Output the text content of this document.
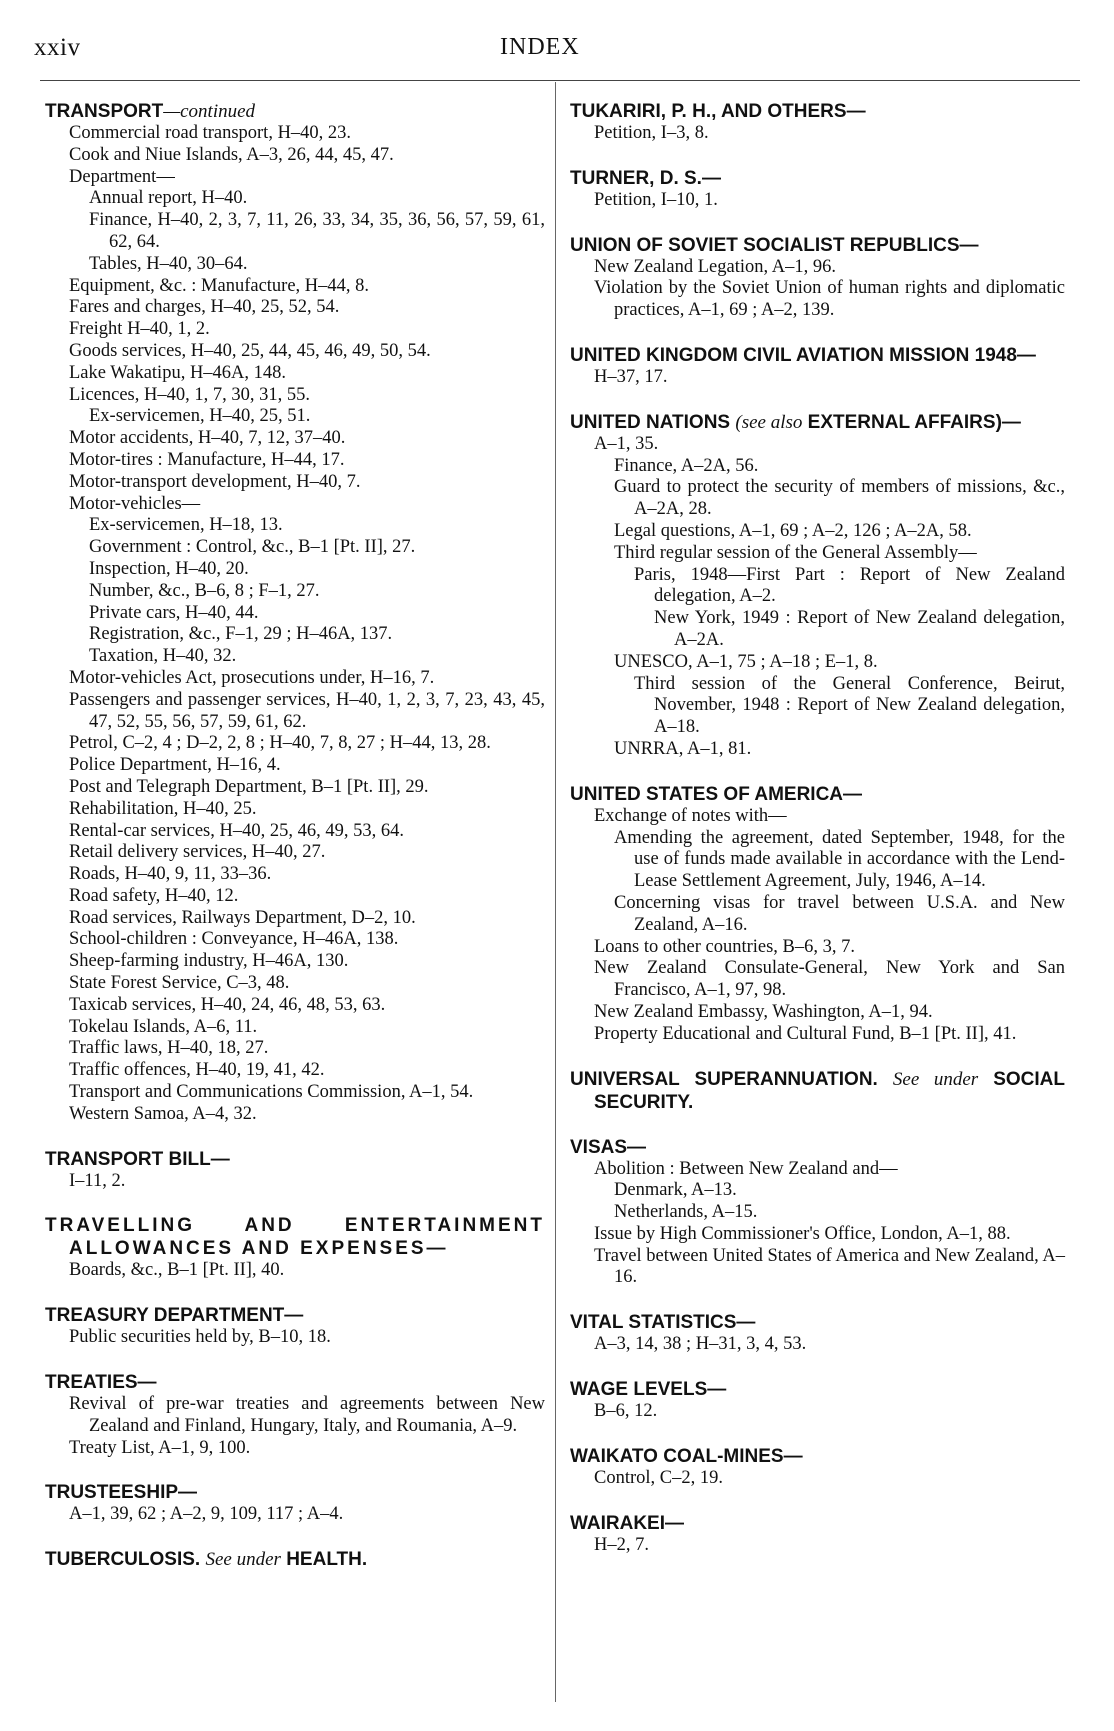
xxiv	INDEX
TRANSPORT—continued
Commercial road transport, H–40, 23.
Cook and Niue Islands, A–3, 26, 44, 45, 47.
Department—
Annual report, H–40.
Finance, H–40, 2, 3, 7, 11, 26, 33, 34, 35, 36, 56, 57, 59, 61, 62, 64.
Tables, H–40, 30–64.
Equipment, &c. : Manufacture, H–44, 8.
Fares and charges, H–40, 25, 52, 54.
Freight H–40, 1, 2.
Goods services, H–40, 25, 44, 45, 46, 49, 50, 54.
Lake Wakatipu, H–46A, 148.
Licences, H–40, 1, 7, 30, 31, 55.
Ex-servicemen, H–40, 25, 51.
Motor accidents, H–40, 7, 12, 37–40.
Motor-tires : Manufacture, H–44, 17.
Motor-transport development, H–40, 7.
Motor-vehicles—
Ex-servicemen, H–18, 13.
Government : Control, &c., B–1 [Pt. II], 27.
Inspection, H–40, 20.
Number, &c., B–6, 8 ; F–1, 27.
Private cars, H–40, 44.
Registration, &c., F–1, 29 ; H–46A, 137.
Taxation, H–40, 32.
Motor-vehicles Act, prosecutions under, H–16, 7.
Passengers and passenger services, H–40, 1, 2, 3, 7, 23, 43, 45, 47, 52, 55, 56, 57, 59, 61, 62.
Petrol, C–2, 4 ; D–2, 2, 8 ; H–40, 7, 8, 27 ; H–44, 13, 28.
Police Department, H–16, 4.
Post and Telegraph Department, B–1 [Pt. II], 29.
Rehabilitation, H–40, 25.
Rental-car services, H–40, 25, 46, 49, 53, 64.
Retail delivery services, H–40, 27.
Roads, H–40, 9, 11, 33–36.
Road safety, H–40, 12.
Road services, Railways Department, D–2, 10.
School-children : Conveyance, H–46A, 138.
Sheep-farming industry, H–46A, 130.
State Forest Service, C–3, 48.
Taxicab services, H–40, 24, 46, 48, 53, 63.
Tokelau Islands, A–6, 11.
Traffic laws, H–40, 18, 27.
Traffic offences, H–40, 19, 41, 42.
Transport and Communications Commission, A–1, 54.
Western Samoa, A–4, 32.
TRANSPORT BILL—
I–11, 2.
TRAVELLING AND ENTERTAINMENT ALLOWANCES AND EXPENSES—
Boards, &c., B–1 [Pt. II], 40.
TREASURY DEPARTMENT—
Public securities held by, B–10, 18.
TREATIES—
Revival of pre-war treaties and agreements between New Zealand and Finland, Hungary, Italy, and Roumania, A–9.
Treaty List, A–1, 9, 100.
TRUSTEESHIP—
A–1, 39, 62 ; A–2, 9, 109, 117 ; A–4.
TUBERCULOSIS. See under HEALTH.
TUKARIRI, P. H., AND OTHERS—
Petition, I–3, 8.
TURNER, D. S.—
Petition, I–10, 1.
UNION OF SOVIET SOCIALIST REPUBLICS—
New Zealand Legation, A–1, 96.
Violation by the Soviet Union of human rights and diplomatic practices, A–1, 69 ; A–2, 139.
UNITED KINGDOM CIVIL AVIATION MISSION 1948—
H–37, 17.
UNITED NATIONS (see also EXTERNAL AFFAIRS)—
A–1, 35.
Finance, A–2A, 56.
Guard to protect the security of members of missions, &c., A–2A, 28.
Legal questions, A–1, 69 ; A–2, 126 ; A–2A, 58.
Third regular session of the General Assembly—
Paris, 1948—First Part : Report of New Zealand delegation, A–2.
New York, 1949 : Report of New Zealand delegation, A–2A.
UNESCO, A–1, 75 ; A–18 ; E–1, 8.
Third session of the General Conference, Beirut, November, 1948 : Report of New Zealand delegation, A–18.
UNRRA, A–1, 81.
UNITED STATES OF AMERICA—
Exchange of notes with—
Amending the agreement, dated September, 1948, for the use of funds made available in accordance with the Lend-Lease Settlement Agreement, July, 1946, A–14.
Concerning visas for travel between U.S.A. and New Zealand, A–16.
Loans to other countries, B–6, 3, 7.
New Zealand Consulate-General, New York and San Francisco, A–1, 97, 98.
New Zealand Embassy, Washington, A–1, 94.
Property Educational and Cultural Fund, B–1 [Pt. II], 41.
UNIVERSAL SUPERANNUATION. See under SOCIAL SECURITY.
VISAS—
Abolition : Between New Zealand and—
Denmark, A–13.
Netherlands, A–15.
Issue by High Commissioner's Office, London, A–1, 88.
Travel between United States of America and New Zealand, A–16.
VITAL STATISTICS—
A–3, 14, 38 ; H–31, 3, 4, 53.
WAGE LEVELS—
B–6, 12.
WAIKATO COAL-MINES—
Control, C–2, 19.
WAIRAKEI—
H–2, 7.
